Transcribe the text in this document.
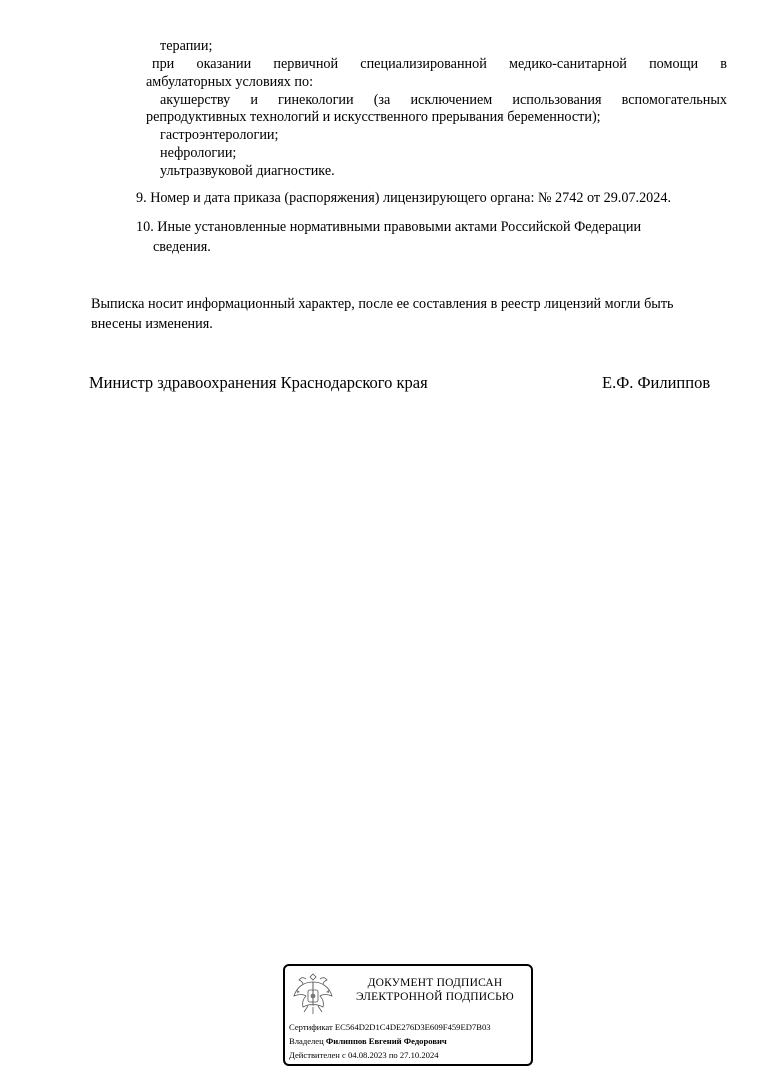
терапии;
при оказании первичной специализированной медико-санитарной помощи в
амбулаторных условиях по:
акушерству и гинекологии (за исключением использования вспомогательных
репродуктивных технологий и искусственного прерывания беременности);
гастроэнтерологии;
нефрологии;
ультразвуковой диагностике.
9. Номер и дата приказа (распоряжения) лицензирующего органа: № 2742 от 29.07.2024.
10. Иные установленные нормативными правовыми актами Российской Федерации
сведения.
Выписка носит информационный характер, после ее составления в реестр лицензий могли быть
внесены изменения.
Министр здравоохранения Краснодарского края	Е.Ф. Филиппов
ДОКУМЕНТ ПОДПИСАН
ЭЛЕКТРОННОЙ ПОДПИСЬЮ
Сертификат EC564D2D1C4DE276D3E609F459ED7B03
Владелец Филиппов Евгений Федорович
Действителен с 04.08.2023 по 27.10.2024
